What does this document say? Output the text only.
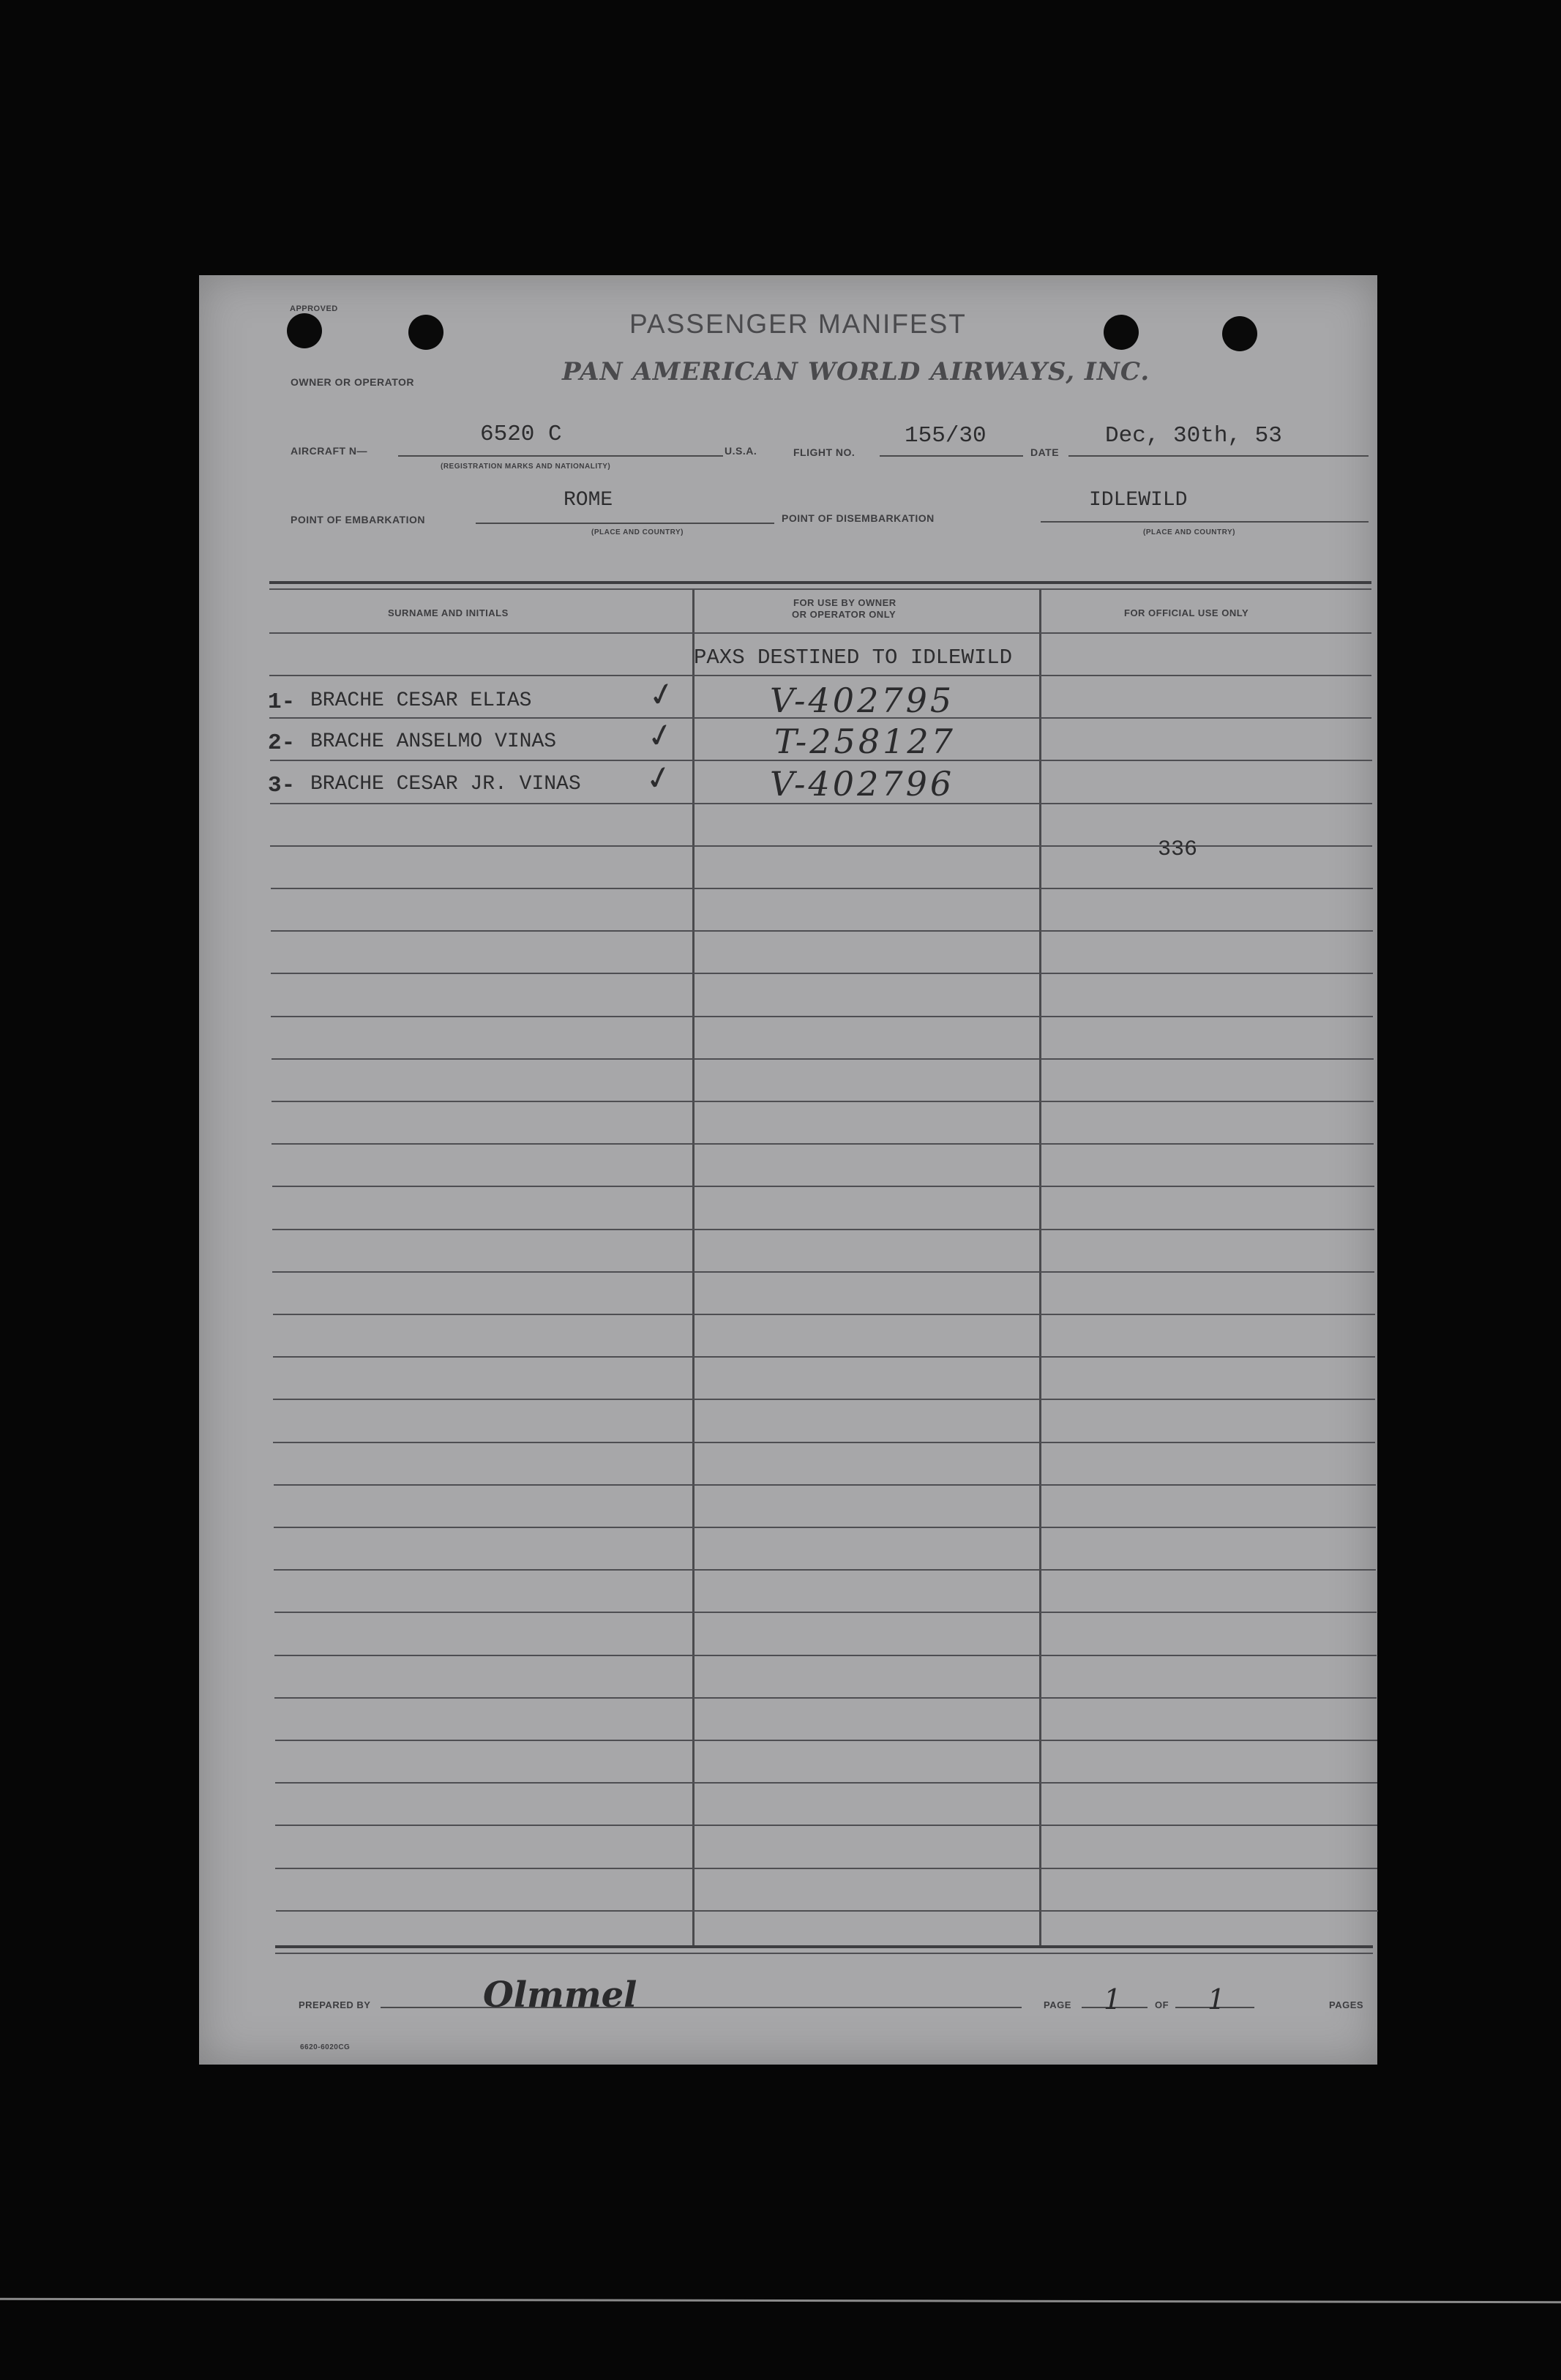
APPROVED	PASSENGER MANIFEST
OWNER OR OPERATOR	PAN AMERICAN WORLD AIRWAYS, INC.
AIRCRAFT N—
6520 C
(REGISTRATION MARKS AND NATIONALITY)
U.S.A.	FLIGHT NO.
155/30
DATE
Dec, 30th, 53
POINT OF EMBARKATION
ROME
(PLACE AND COUNTRY)
POINT OF DISEMBARKATION
IDLEWILD
(PLACE AND COUNTRY)
SURNAME AND INITIALS
FOR USE BY OWNER
OR OPERATOR ONLY	FOR OFFICIAL USE ONLY
PAXS DESTINED TO IDLEWILD
1- BRACHE CESAR ELIAS	✓	V-402795
2- BRACHE ANSELMO VINAS	✓	T-258127
3- BRACHE CESAR JR. VINAS ✓	V-402796
336
PREPARED BY	Olmmel	PAGE 1	OF 1	PAGES
6620-6020CG
